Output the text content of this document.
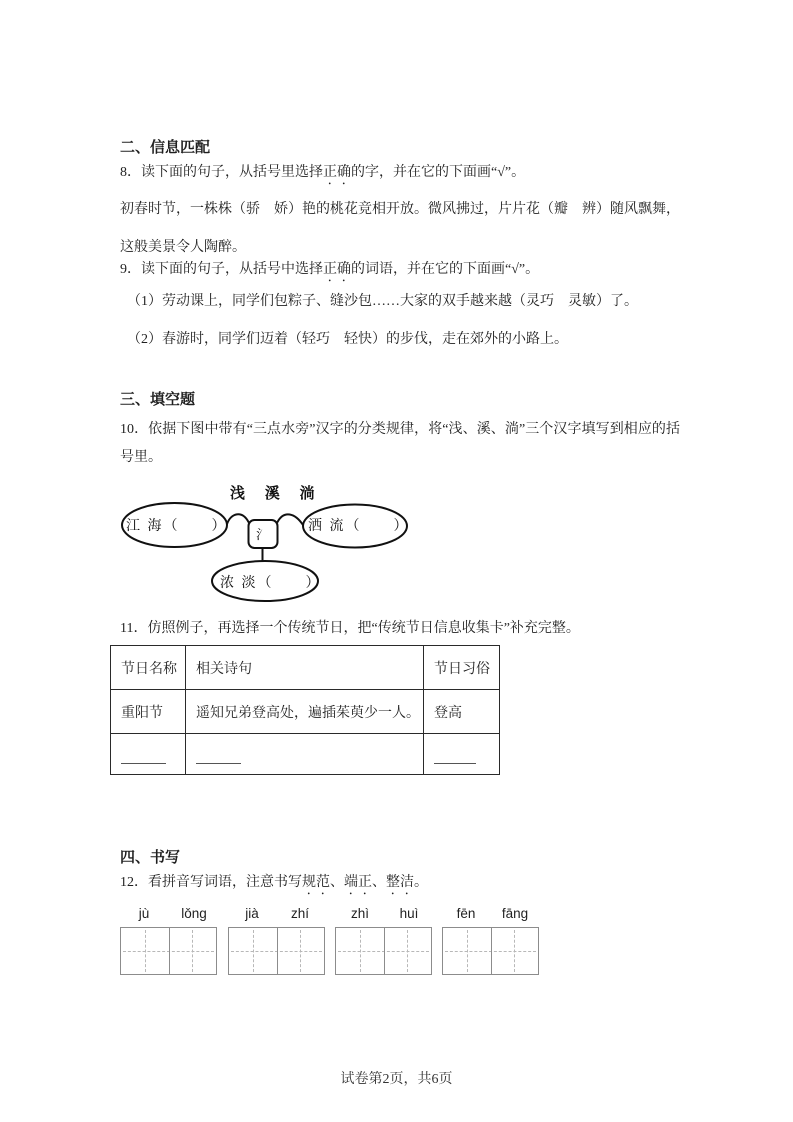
二、信息匹配
8．读下面的句子，从括号里选择正确的字，并在它的下面画“√”。
初春时节，一株株（骄　娇）艳的桃花竞相开放。微风拂过，片片花（瓣　辨）随风飘舞，这般美景令人陶醉。
9．读下面的句子，从括号中选择正确的词语，并在它的下面画“√”。
（1）劳动课上，同学们包粽子、缝沙包……大家的双手越来越（灵巧　灵敏）了。
（2）春游时，同学们迈着（轻巧　轻快）的步伐，走在郊外的小路上。
三、填空题
10．依据下图中带有“三点水旁”汉字的分类规律，将“浅、溪、淌”三个汉字填写到相应的括号里。
浅 溪 淌
氵
江 海（　　）	洒 流（　　）
浓 淡（　　）
11．仿照例子，再选择一个传统节日，把“传统节日信息收集卡”补充完整。
节日名称	相关诗句	节日习俗
重阳节	遥知兄弟登高处，遍插茱萸少一人。	登高
四、书写
12．看拼音写词语，注意书写规范、端正、整洁。
jù lǒng	jià zhí	zhì huì	fēn fāng
试卷第2页，共6页
